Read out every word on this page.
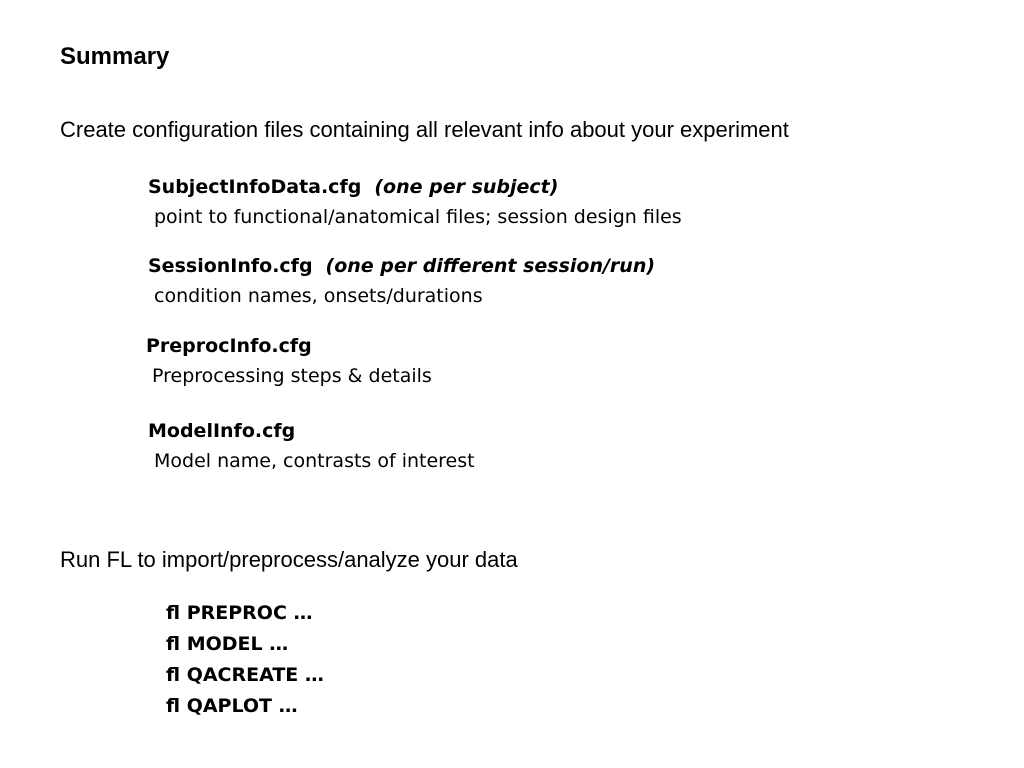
Summary
Create configuration files containing all relevant info about your experiment
SubjectInfoData.cfg (one per subject)
point to functional/anatomical files; session design files
SessionInfo.cfg (one per different session/run)
condition names, onsets/durations
PreprocInfo.cfg
Preprocessing steps & details
ModelInfo.cfg
Model name, contrasts of interest
Run FL to import/preprocess/analyze your data
fl PREPROC …
fl MODEL …
fl QACREATE …
fl QAPLOT …
